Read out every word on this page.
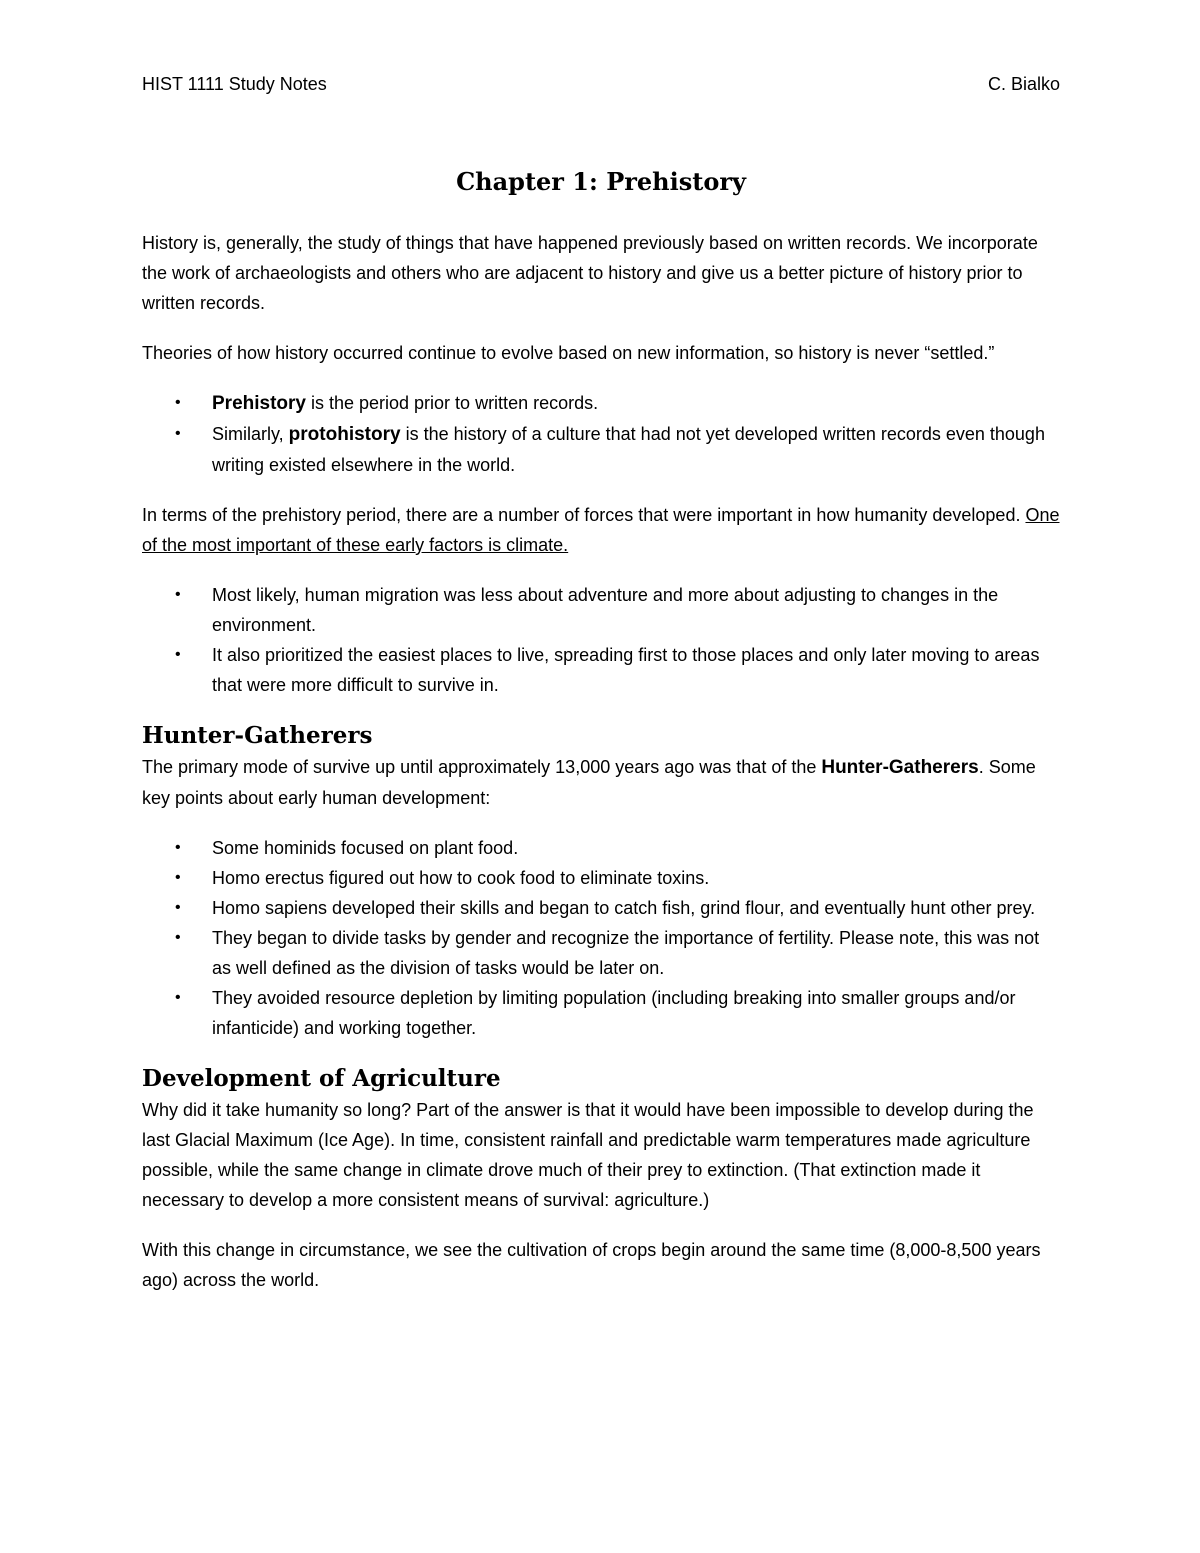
HIST 1111 Study Notes	C. Bialko
Chapter 1: Prehistory

History is, generally, the study of things that have happened previously based on written records. We incorporate the work of archaeologists and others who are adjacent to history and give us a better picture of history prior to written records.

Theories of how history occurred continue to evolve based on new information, so history is never “settled.”

• Prehistory is the period prior to written records.
• Similarly, protohistory is the history of a culture that had not yet developed written records even though writing existed elsewhere in the world.

In terms of the prehistory period, there are a number of forces that were important in how humanity developed. One of the most important of these early factors is climate.

• Most likely, human migration was less about adventure and more about adjusting to changes in the environment.
• It also prioritized the easiest places to live, spreading first to those places and only later moving to areas that were more difficult to survive in.
Hunter-Gatherers

The primary mode of survive up until approximately 13,000 years ago was that of the Hunter-Gatherers. Some key points about early human development:

• Some hominids focused on plant food.
• Homo erectus figured out how to cook food to eliminate toxins.
• Homo sapiens developed their skills and began to catch fish, grind flour, and eventually hunt other prey.
• They began to divide tasks by gender and recognize the importance of fertility. Please note, this was not as well defined as the division of tasks would be later on.
• They avoided resource depletion by limiting population (including breaking into smaller groups and/or infanticide) and working together.
Development of Agriculture

Why did it take humanity so long? Part of the answer is that it would have been impossible to develop during the last Glacial Maximum (Ice Age). In time, consistent rainfall and predictable warm temperatures made agriculture possible, while the same change in climate drove much of their prey to extinction. (That extinction made it necessary to develop a more consistent means of survival: agriculture.)

With this change in circumstance, we see the cultivation of crops begin around the same time (8,000-8,500 years ago) across the world.
